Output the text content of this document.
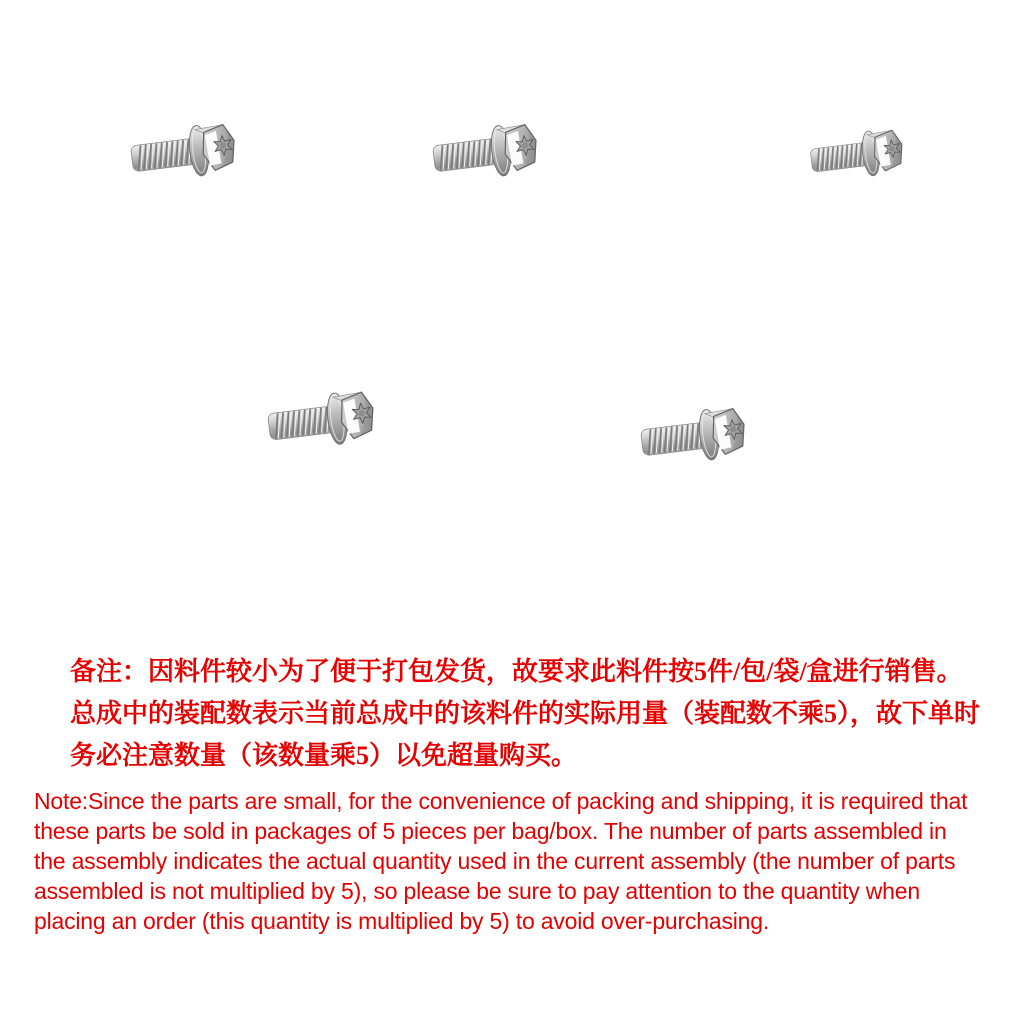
备注：因料件较小为了便于打包发货，故要求此料件按5件/包/袋/盒进行销售。
总成中的装配数表示当前总成中的该料件的实际用量（装配数不乘5），故下单时
务必注意数量（该数量乘5）以免超量购买。
Note:Since the parts are small, for the convenience of packing and shipping, it is required that
these parts be sold in packages of 5 pieces per bag/box. The number of parts assembled in
the assembly indicates the actual quantity used in the current assembly (the number of parts
assembled is not multiplied by 5), so please be sure to pay attention to the quantity when
placing an order (this quantity is multiplied by 5) to avoid over-purchasing.
